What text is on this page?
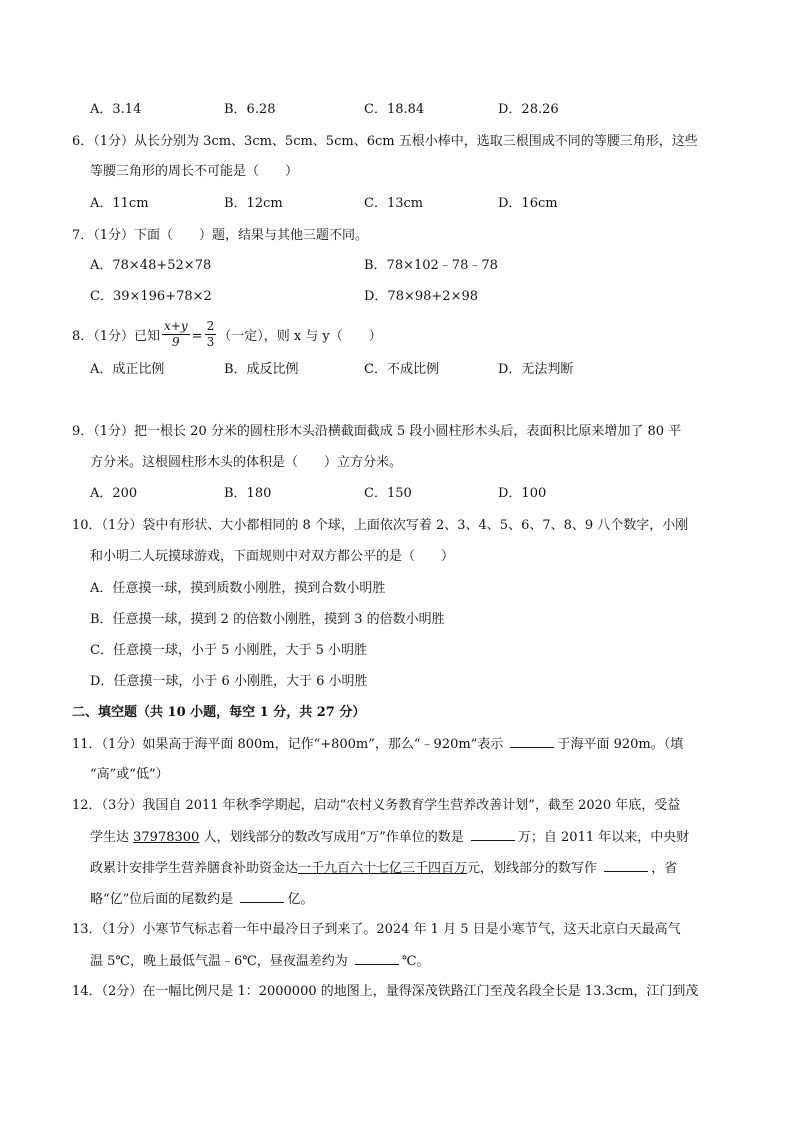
A．3.14	B．6.28	C．18.84	D．28.26
6．（1分）从长分别为 3cm、3cm、5cm、5cm、6cm 五根小棒中，选取三根围成不同的等腰三角形，这些
等腰三角形的周长不可能是（　　）
A．11cm	B．12cm	C．13cm	D．16cm
7．（1分）下面（　　）题，结果与其他三题不同。
A．78×48+52×78	B．78×102﹣78﹣78
C．39×196+78×2	D．78×98+2×98
8．（1分）已知 $\frac{x+y}{9} = \frac{2}{3}$ （一定），则 x 与 y（　　）
A．成正比例	B．成反比例	C．不成比例	D．无法判断
9．（1分）把一根长 20 分米的圆柱形木头沿横截面截成 5 段小圆柱形木头后，表面积比原来增加了 80 平
方分米。这根圆柱形木头的体积是（　　）立方分米。
A．200	B．180	C．150	D．100
10．（1分）袋中有形状、大小都相同的 8 个球，上面依次写着 2、3、4、5、6、7、8、9 八个数字，小刚
和小明二人玩摸球游戏，下面规则中对双方都公平的是（　　）
A．任意摸一球，摸到质数小刚胜，摸到合数小明胜
B．任意摸一球，摸到 2 的倍数小刚胜，摸到 3 的倍数小明胜
C．任意摸一球，小于 5 小刚胜，大于 5 小明胜
D．任意摸一球，小于 6 小刚胜，大于 6 小明胜
二、填空题（共 10 小题，每空 1 分，共 27 分）
11．（1分）如果高于海平面 800m，记作“+800m”，那么“﹣920m”表示	于海平面 920m。（填
“高”或“低”）
12．（3分）我国自 2011 年秋季学期起，启动“农村义务教育学生营养改善计划”，截至 2020 年底，受益
学生达 37978300 人，划线部分的数改写成用“万”作单位的数是	万；自 2011 年以来，中央财
政累计安排学生营养膳食补助资金达一千九百六十七亿三千四百万元，划线部分的数写作	，省
略“亿”位后面的尾数约是	亿。
13．（1分）小寒节气标志着一年中最冷日子到来了。2024 年 1 月 5 日是小寒节气，这天北京白天最高气
温 5℃，晚上最低气温﹣6℃，昼夜温差约为	℃。
14．（2分）在一幅比例尺是 1：2000000 的地图上，量得深茂铁路江门至茂名段全长是 13.3cm，江门到茂
